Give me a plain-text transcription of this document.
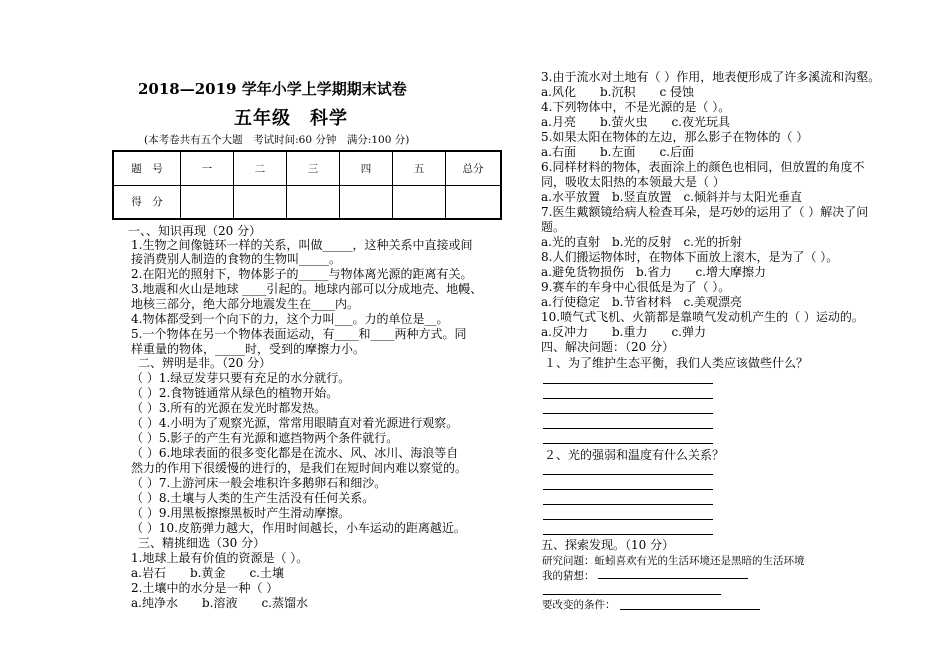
2018—2019 学年小学上学期期末试卷
五年级　科学
(本考卷共有五个大题　考试时间:60 分钟　满分:100 分)
题　号	一	二	三	四	五	总分
得　分						
一、、知识再现（20 分）
1.生物之间像链环一样的关系，叫做_____，这种关系中直接或间
接消费别人制造的食物的生物叫_____。
2.在阳光的照射下，物体影子的_____与物体离光源的距离有关。
3.地震和火山是地球 ____引起的。地球内部可以分成地壳、地幔、
地核三部分，绝大部分地震发生在____内。
4.物体都受到一个向下的力，这个力叫___。力的单位是__。
5.一个物体在另一个物体表面运动，有____和____两种方式。同
样重量的物体，_____时，受到的摩擦力小。
二、辨明是非。（20 分）
（ ）1.绿豆发芽只要有充足的水分就行。
（ ）2.食物链通常从绿色的植物开始。
（ ）3.所有的光源在发光时都发热。
（ ）4.小明为了观察光源，常常用眼睛直对着光源进行观察。
（ ）5.影子的产生有光源和遮挡物两个条件就行。
（ ）6.地球表面的很多变化都是在流水、风、冰川、海浪等自
然力的作用下很缓慢的进行的，是我们在短时间内难以察觉的。
（ ）7.上游河床一般会堆积许多鹅卵石和细沙。
（ ）8.土壤与人类的生产生活没有任何关系。
（ ）9.用黑板擦擦黑板时产生滑动摩擦。
（ ）10.皮筋弹力越大，作用时间越长，小车运动的距离越近。
三、精挑细选（30 分）
1.地球上最有价值的资源是（ ）。
a.岩石　　b.黄金　　c.土壤
2.土壤中的水分是一种（ ）
a.纯净水　　b.溶液　　c.蒸馏水
3.由于流水对土地有（ ）作用，地表便形成了许多溪流和沟壑。
a.风化　　b.沉积　　c 侵蚀
4.下列物体中，不是光源的是（ ）。
a.月亮　　b.萤火虫　　c.夜光玩具
5.如果太阳在物体的左边，那么影子在物体的（ ）
a.右面　　b.左面　　c.后面
6.同样材料的物体，表面涂上的颜色也相同，但放置的角度不
同，吸收太阳热的本领最大是（ ）
a.水平放置　b.竖直放置　c.倾斜并与太阳光垂直
7.医生戴额镜给病人检查耳朵，是巧妙的运用了（ ）解决了问
题。
a.光的直射　b.光的反射　c.光的折射
8.人们搬运物体时，在物体下面放上滚木，是为了（ ）。
a.避免货物损伤　b.省力　　c.增大摩擦力
9.赛车的车身中心很低是为了（ ）。
a.行使稳定　b.节省材料　c.美观漂亮
10.喷气式飞机、火箭都是靠喷气发动机产生的（ ）运动的。
a.反冲力　　b.重力　　c.弹力
四、解决问题：（20 分）
１、为了维护生态平衡，我们人类应该做些什么？
２、光的强弱和温度有什么关系？
五、探索发现。（10 分）
研究问题：蚯蚓喜欢有光的生活环境还是黑暗的生活环境
我的猜想：
要改变的条件：
